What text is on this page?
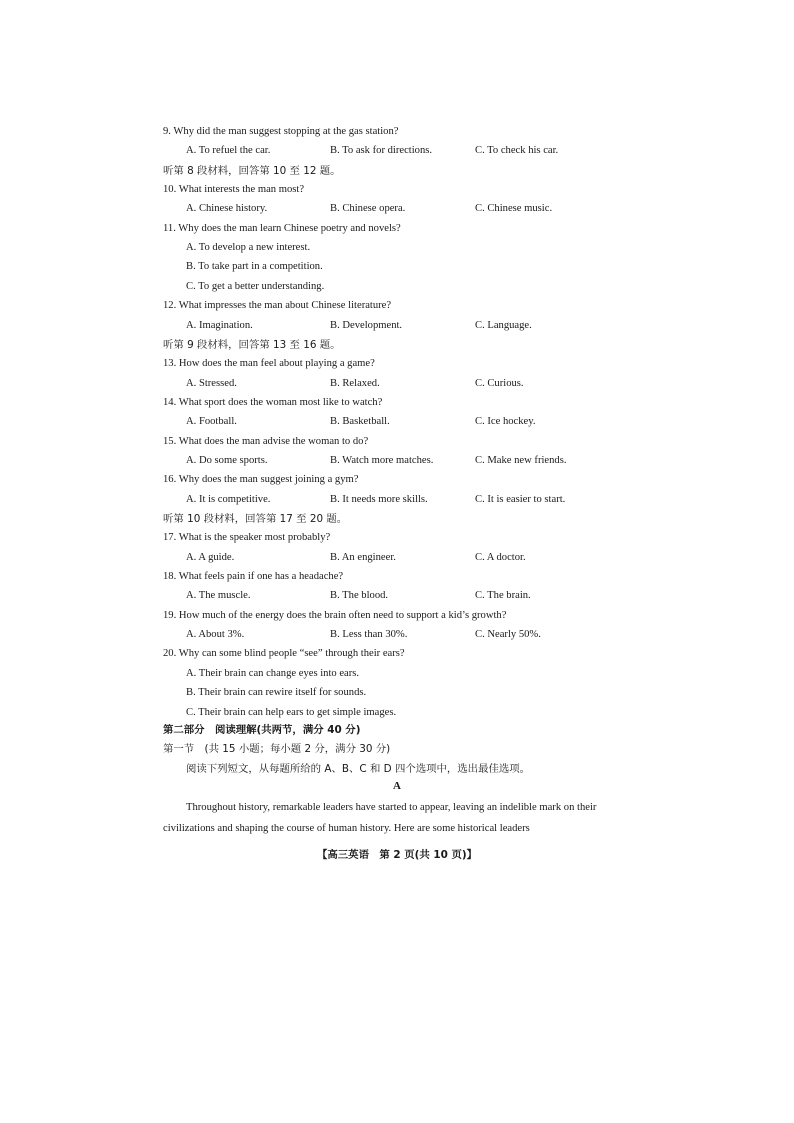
9. Why did the man suggest stopping at the gas station?
A. To refuel the car.	B. To ask for directions.	C. To check his car.
听第 8 段材料，回答第 10 至 12 题。
10. What interests the man most?
A. Chinese history.	B. Chinese opera.	C. Chinese music.
11. Why does the man learn Chinese poetry and novels?
A. To develop a new interest.
B. To take part in a competition.
C. To get a better understanding.
12. What impresses the man about Chinese literature?
A. Imagination.	B. Development.	C. Language.
听第 9 段材料，回答第 13 至 16 题。
13. How does the man feel about playing a game?
A. Stressed.	B. Relaxed.	C. Curious.
14. What sport does the woman most like to watch?
A. Football.	B. Basketball.	C. Ice hockey.
15. What does the man advise the woman to do?
A. Do some sports.	B. Watch more matches.	C. Make new friends.
16. Why does the man suggest joining a gym?
A. It is competitive.	B. It needs more skills.	C. It is easier to start.
听第 10 段材料，回答第 17 至 20 题。
17. What is the speaker most probably?
A. A guide.	B. An engineer.	C. A doctor.
18. What feels pain if one has a headache?
A. The muscle.	B. The blood.	C. The brain.
19. How much of the energy does the brain often need to support a kid’s growth?
A. About 3%.	B. Less than 30%.	C. Nearly 50%.
20. Why can some blind people “see” through their ears?
A. Their brain can change eyes into ears.
B. Their brain can rewire itself for sounds.
C. Their brain can help ears to get simple images.
第二部分　阅读理解(共两节，满分 40 分)
第一节　(共 15 小题；每小题 2 分，满分 30 分)
阅读下列短文，从每题所给的 A、B、C 和 D 四个选项中，选出最佳选项。
A
Throughout history, remarkable leaders have started to appear, leaving an indelible mark on their civilizations and shaping the course of human history. Here are some historical leaders
【高三英语　第 2 页(共 10 页)】
